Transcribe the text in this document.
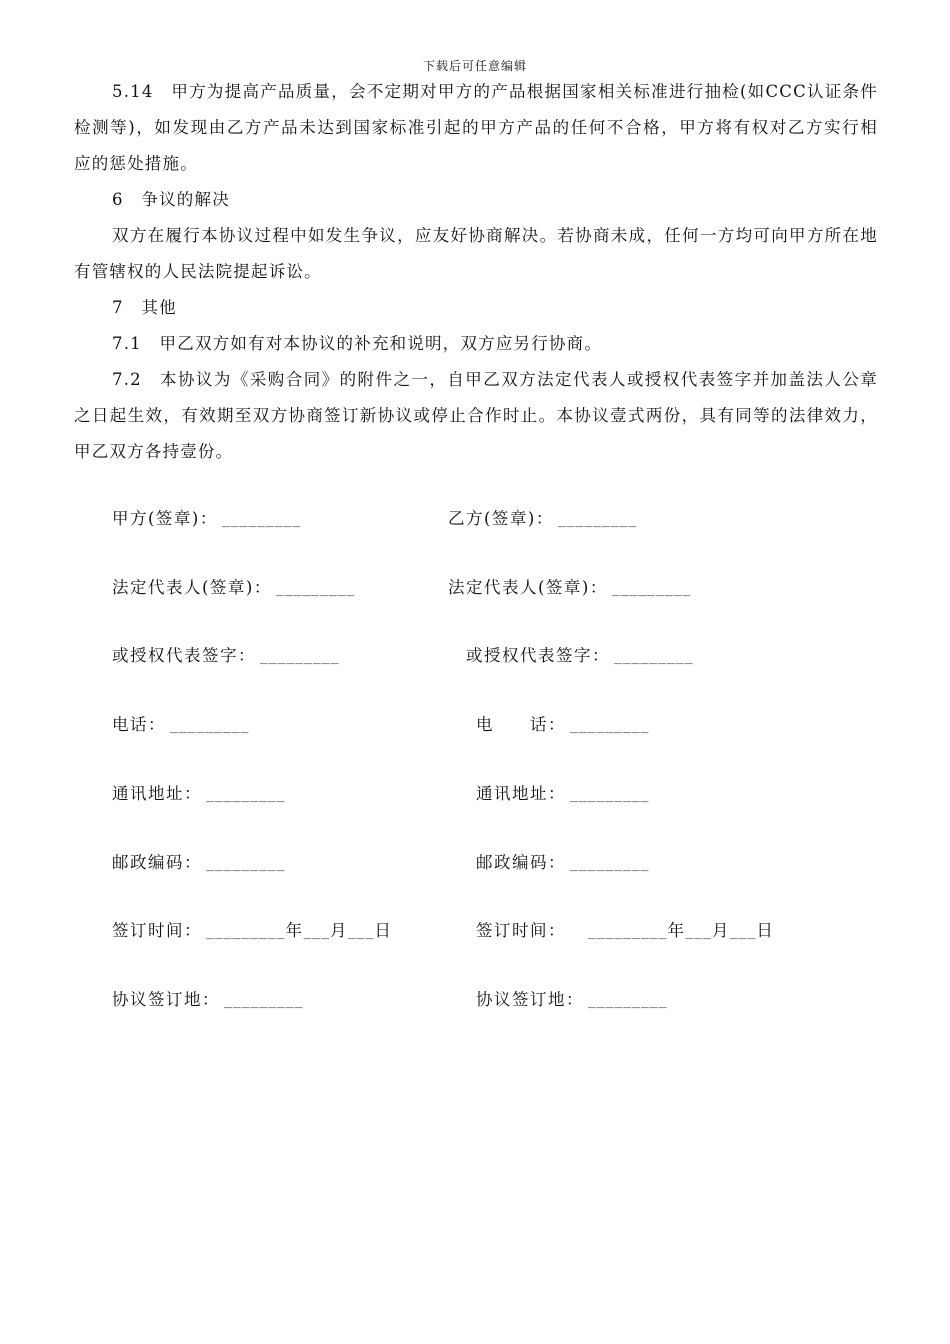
下载后可任意编辑

5.14　甲方为提高产品质量，会不定期对甲方的产品根据国家相关标准进行抽检(如CCC认证条件检测等)，如发现由乙方产品未达到国家标准引起的甲方产品的任何不合格，甲方将有权对乙方实行相应的惩处措施。

6　争议的解决

双方在履行本协议过程中如发生争议，应友好协商解决。若协商未成，任何一方均可向甲方所在地有管辖权的人民法院提起诉讼。

7　其他

7.1　甲乙双方如有对本协议的补充和说明，双方应另行协商。

7.2　本协议为《采购合同》的附件之一，自甲乙双方法定代表人或授权代表签字并加盖法人公章之日起生效，有效期至双方协商签订新协议或停止合作时止。本协议壹式两份，具有同等的法律效力，甲乙双方各持壹份。

甲方(签章)： _________	乙方(签章)： _________
法定代表人(签章)： _________	法定代表人(签章)： _________
或授权代表签字： _________	或授权代表签字： _________
电话： _________	电 话： _________
通讯地址： _________	通讯地址： _________
邮政编码： _________	邮政编码： _________
签订时间： _________年___月___日	签订时间： _________年___月___日
协议签订地： _________	协议签订地： _________
